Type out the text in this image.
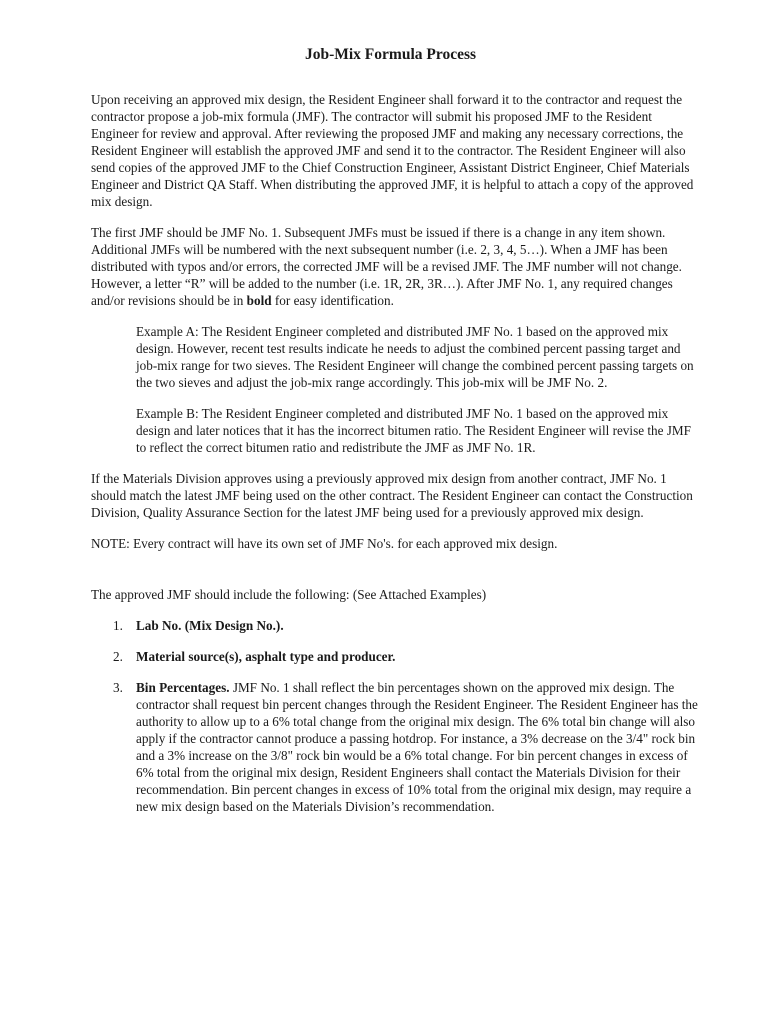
Job-Mix Formula Process

Upon receiving an approved mix design, the Resident Engineer shall forward it to the contractor and request the contractor propose a job-mix formula (JMF). The contractor will submit his proposed JMF to the Resident Engineer for review and approval. After reviewing the proposed JMF and making any necessary corrections, the Resident Engineer will establish the approved JMF and send it to the contractor. The Resident Engineer will also send copies of the approved JMF to the Chief Construction Engineer, Assistant District Engineer, Chief Materials Engineer and District QA Staff. When distributing the approved JMF, it is helpful to attach a copy of the approved mix design.

The first JMF should be JMF No. 1. Subsequent JMFs must be issued if there is a change in any item shown. Additional JMFs will be numbered with the next subsequent number (i.e. 2, 3, 4, 5…). When a JMF has been distributed with typos and/or errors, the corrected JMF will be a revised JMF. The JMF number will not change. However, a letter “R” will be added to the number (i.e. 1R, 2R, 3R…). After JMF No. 1, any required changes and/or revisions should be in bold for easy identification.

Example A: The Resident Engineer completed and distributed JMF No. 1 based on the approved mix design. However, recent test results indicate he needs to adjust the combined percent passing target and job-mix range for two sieves. The Resident Engineer will change the combined percent passing targets on the two sieves and adjust the job-mix range accordingly. This job-mix will be JMF No. 2.

Example B: The Resident Engineer completed and distributed JMF No. 1 based on the approved mix design and later notices that it has the incorrect bitumen ratio. The Resident Engineer will revise the JMF to reflect the correct bitumen ratio and redistribute the JMF as JMF No. 1R.

If the Materials Division approves using a previously approved mix design from another contract, JMF No. 1 should match the latest JMF being used on the other contract. The Resident Engineer can contact the Construction Division, Quality Assurance Section for the latest JMF being used for a previously approved mix design.

NOTE: Every contract will have its own set of JMF No's. for each approved mix design.

The approved JMF should include the following: (See Attached Examples)

1. Lab No. (Mix Design No.).
2. Material source(s), asphalt type and producer.
3. Bin Percentages. JMF No. 1 shall reflect the bin percentages shown on the approved mix design. The contractor shall request bin percent changes through the Resident Engineer. The Resident Engineer has the authority to allow up to a 6% total change from the original mix design. The 6% total bin change will also apply if the contractor cannot produce a passing hotdrop. For instance, a 3% decrease on the 3/4" rock bin and a 3% increase on the 3/8" rock bin would be a 6% total change. For bin percent changes in excess of 6% total from the original mix design, Resident Engineers shall contact the Materials Division for their recommendation. Bin percent changes in excess of 10% total from the original mix design, may require a new mix design based on the Materials Division’s recommendation.
